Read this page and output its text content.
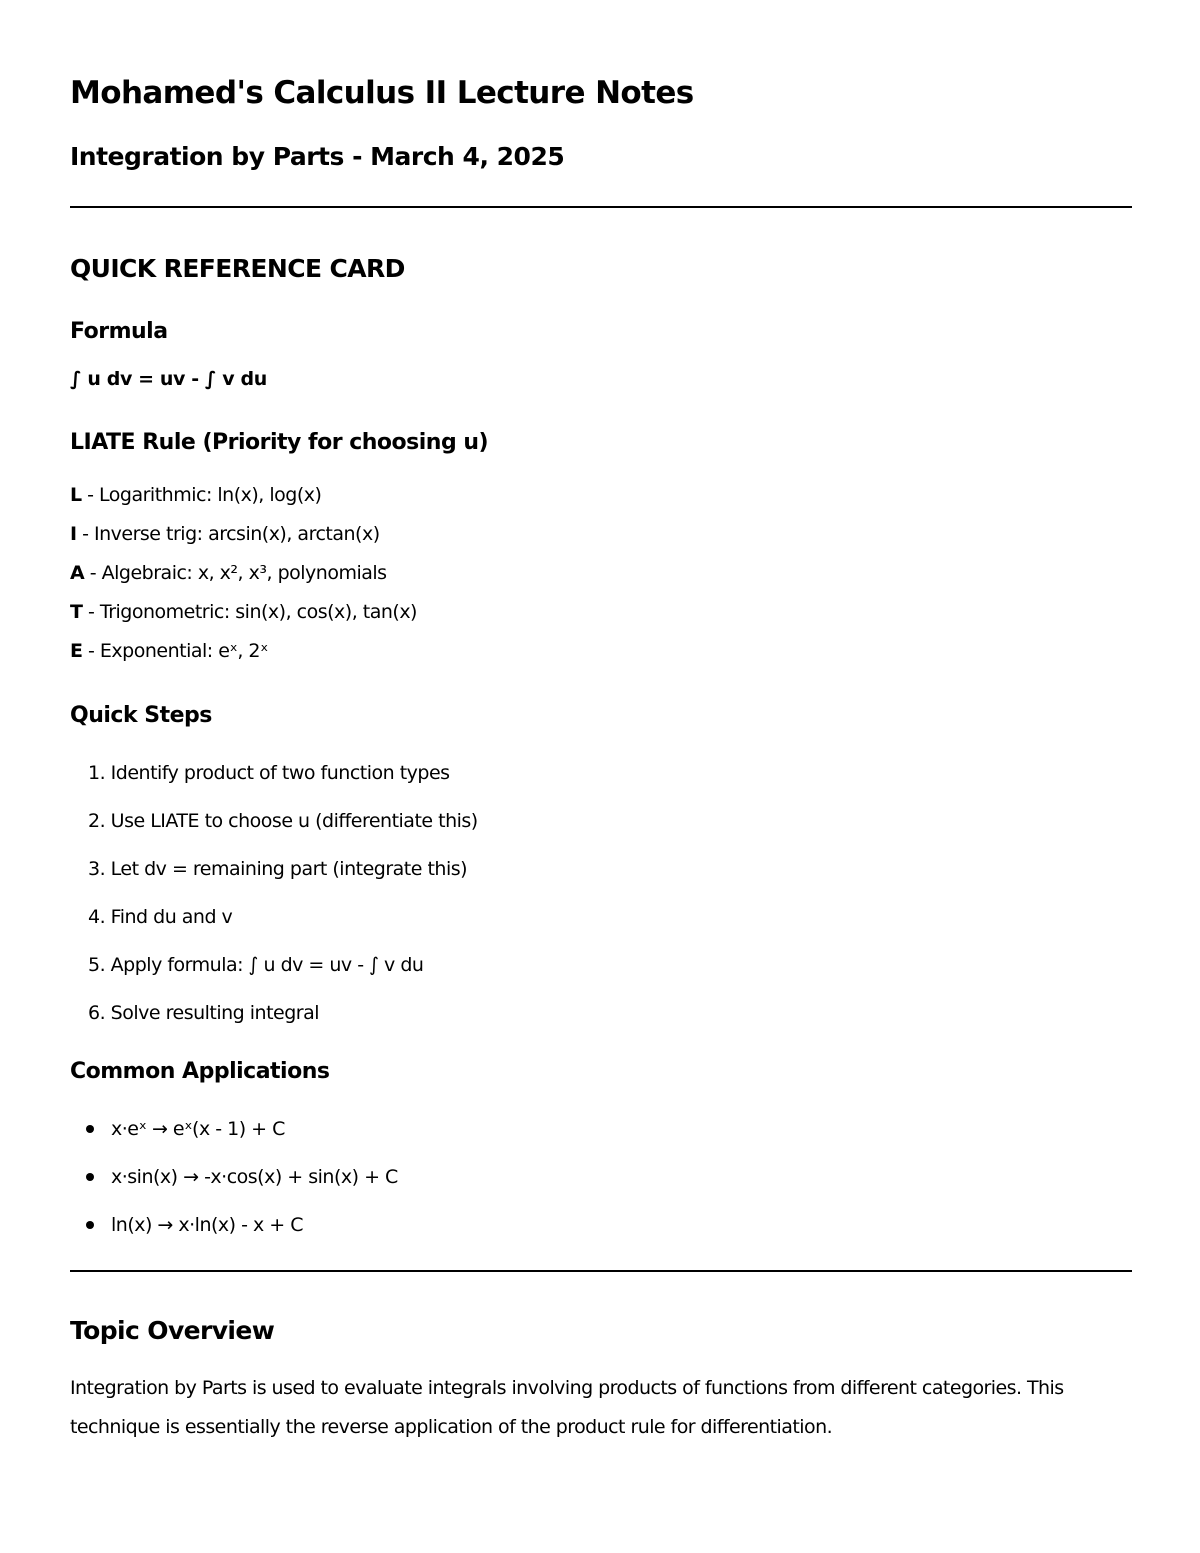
Mohamed's Calculus II Lecture Notes
Integration by Parts - March 4, 2025
QUICK REFERENCE CARD
Formula

∫ u dv = uv - ∫ v du

LIATE Rule (Priority for choosing u)
L - Logarithmic: ln(x), log(x)
I - Inverse trig: arcsin(x), arctan(x)
A - Algebraic: x, x², x³, polynomials
T - Trigonometric: sin(x), cos(x), tan(x)
E - Exponential: eˣ, 2ˣ
Quick Steps
1. Identify product of two function types
2. Use LIATE to choose u (differentiate this)
3. Let dv = remaining part (integrate this)
4. Find du and v
5. Apply formula: ∫ u dv = uv - ∫ v du
6. Solve resulting integral
Common Applications
x·eˣ → eˣ(x - 1) + C
x·sin(x) → -x·cos(x) + sin(x) + C
ln(x) → x·ln(x) - x + C
Topic Overview

Integration by Parts is used to evaluate integrals involving products of functions from different categories. This technique is essentially the reverse application of the product rule for differentiation.
